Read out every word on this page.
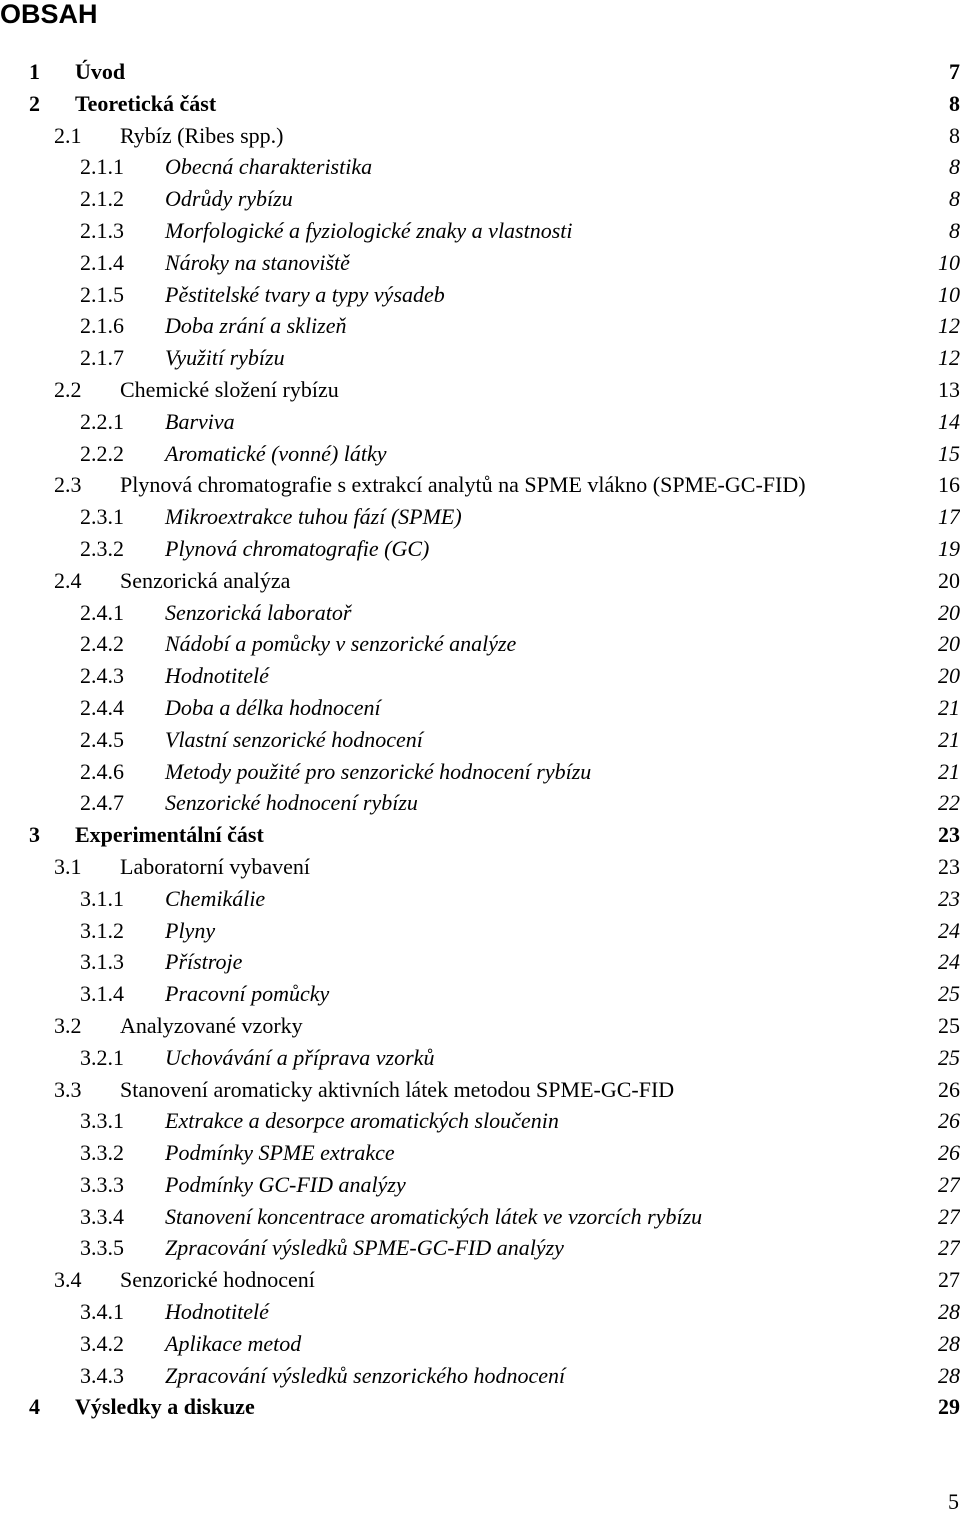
OBSAH
1 Úvod	7
2 Teoretická část	8
2.1 Rybíz (Ribes spp.)	8
2.1.1 Obecná charakteristika	8
2.1.2 Odrůdy rybízu	8
2.1.3 Morfologické a fyziologické znaky a vlastnosti	8
2.1.4 Nároky na stanoviště	10
2.1.5 Pěstitelské tvary a typy výsadeb	10
2.1.6 Doba zrání a sklizeň	12
2.1.7 Využití rybízu	12
2.2 Chemické složení rybízu	13
2.2.1 Barviva	14
2.2.2 Aromatické (vonné) látky	15
2.3 Plynová chromatografie s extrakcí analytů na SPME vlákno (SPME-GC-FID)	16
2.3.1 Mikroextrakce tuhou fází (SPME)	17
2.3.2 Plynová chromatografie (GC)	19
2.4 Senzorická analýza	20
2.4.1 Senzorická laboratoř	20
2.4.2 Nádobí a pomůcky v senzorické analýze	20
2.4.3 Hodnotitelé	20
2.4.4 Doba a délka hodnocení	21
2.4.5 Vlastní senzorické hodnocení	21
2.4.6 Metody použité pro senzorické hodnocení rybízu	21
2.4.7 Senzorické hodnocení rybízu	22
3 Experimentální část	23
3.1 Laboratorní vybavení	23
3.1.1 Chemikálie	23
3.1.2 Plyny	24
3.1.3 Přístroje	24
3.1.4 Pracovní pomůcky	25
3.2 Analyzované vzorky	25
3.2.1 Uchovávání a příprava vzorků	25
3.3 Stanovení aromaticky aktivních látek metodou SPME-GC-FID	26
3.3.1 Extrakce a desorpce aromatických sloučenin	26
3.3.2 Podmínky SPME extrakce	26
3.3.3 Podmínky GC-FID analýzy	27
3.3.4 Stanovení koncentrace aromatických látek ve vzorcích rybízu	27
3.3.5 Zpracování výsledků SPME-GC-FID analýzy	27
3.4 Senzorické hodnocení	27
3.4.1 Hodnotitelé	28
3.4.2 Aplikace metod	28
3.4.3 Zpracování výsledků senzorického hodnocení	28
4 Výsledky a diskuze	29
5
